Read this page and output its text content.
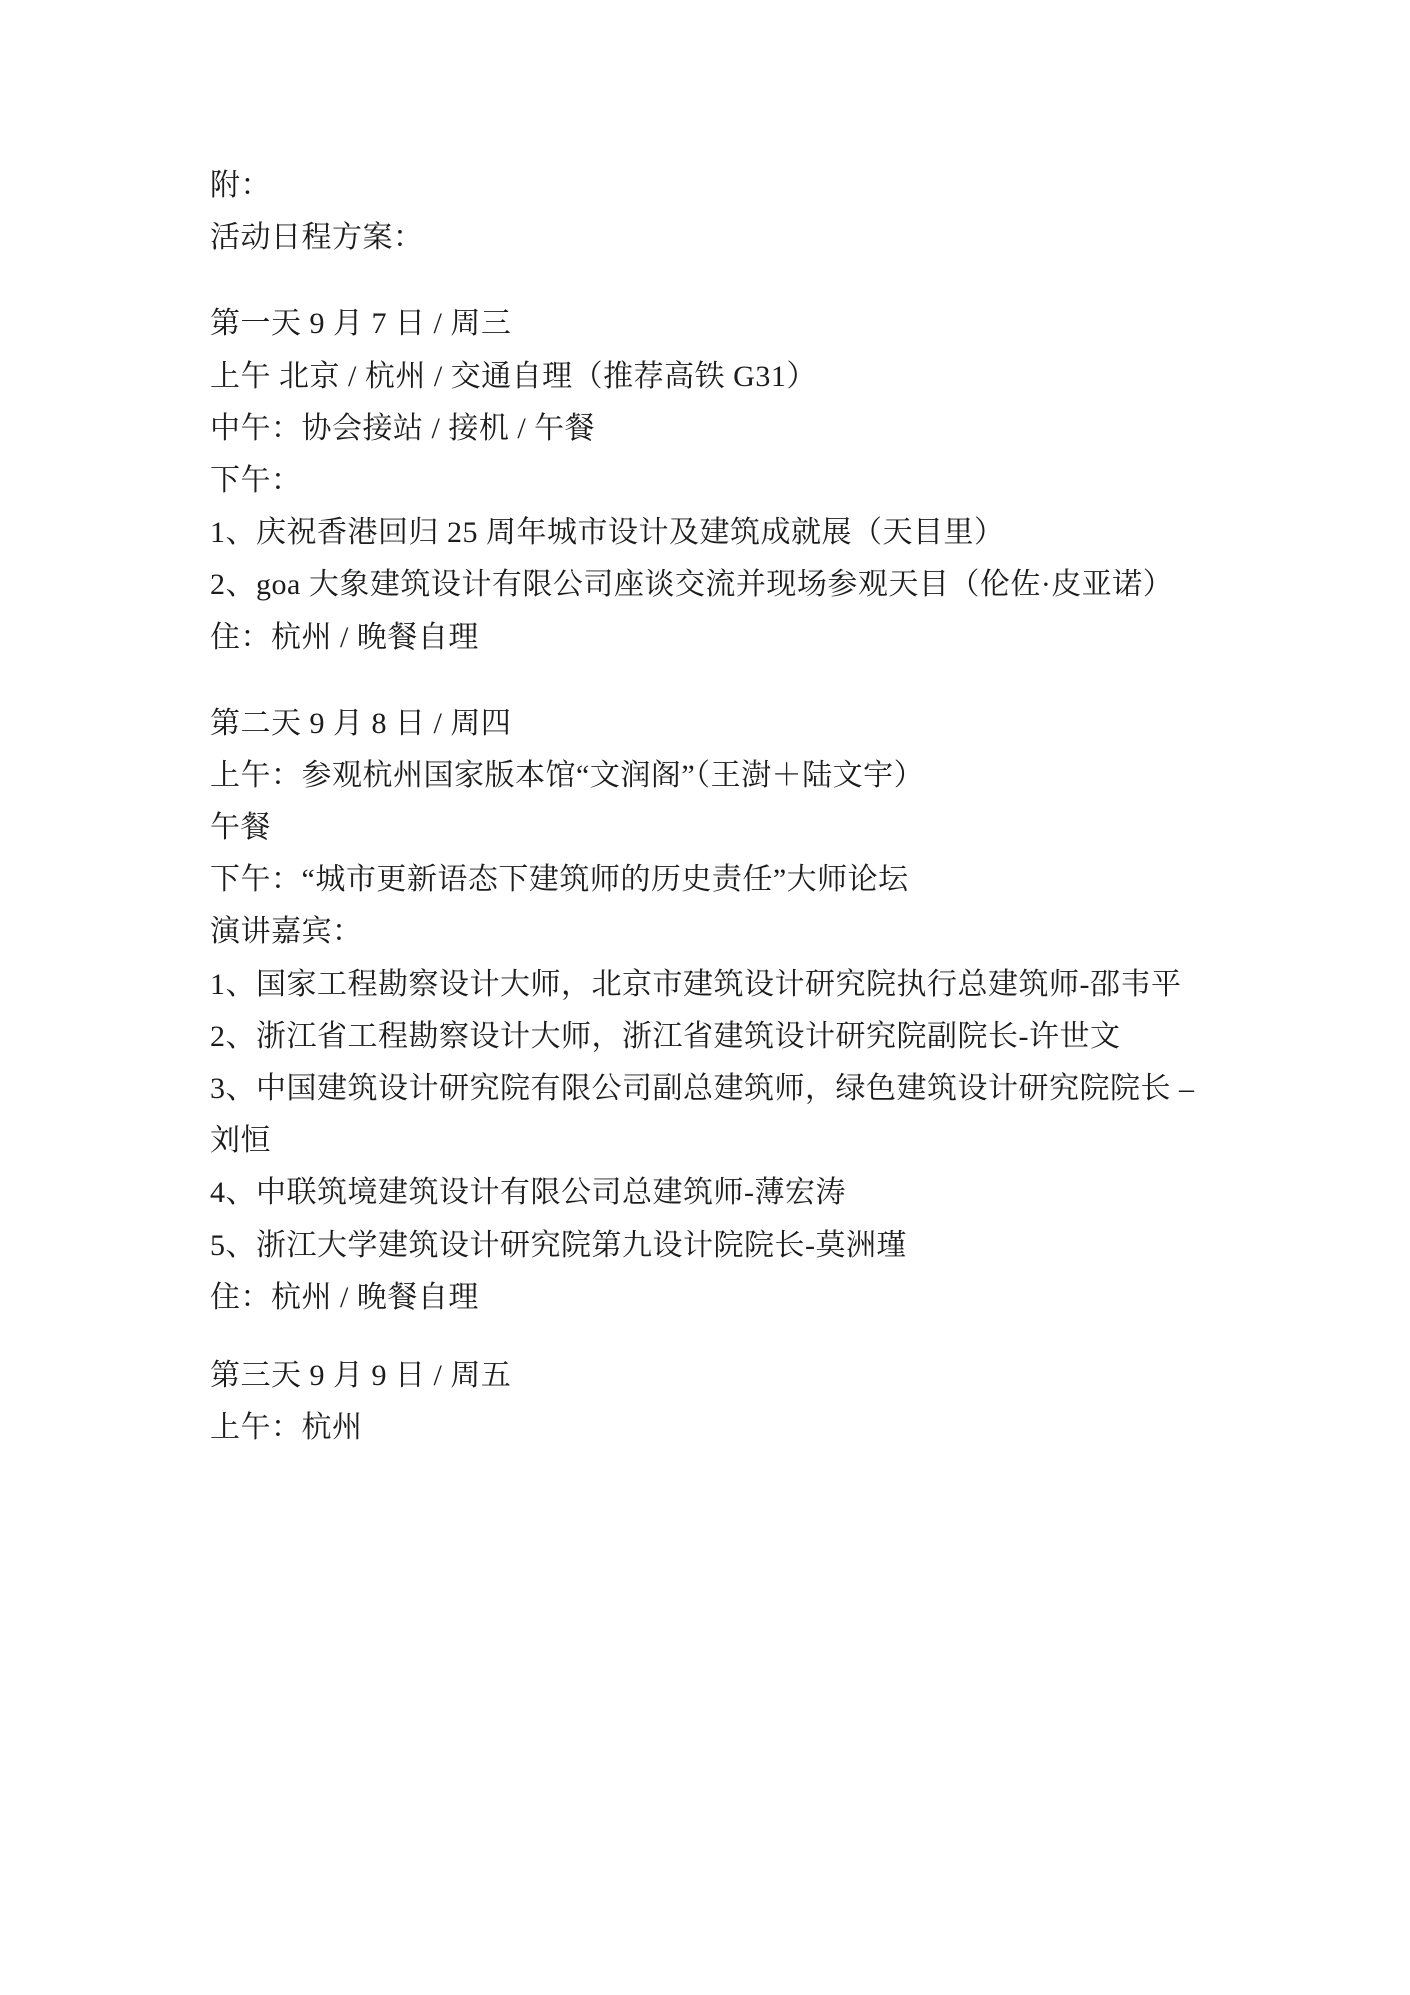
附：

活动日程方案：

第一天 9 月 7 日 / 周三

上午 北京 / 杭州 / 交通自理（推荐高铁 G31）

中午：协会接站 / 接机 / 午餐

下午：

1、庆祝香港回归 25 周年城市设计及建筑成就展（天目里）

2、goa 大象建筑设计有限公司座谈交流并现场参观天目（伦佐·皮亚诺）

住：杭州 / 晚餐自理

第二天 9 月 8 日 / 周四

上午：参观杭州国家版本馆“文润阁”（王澍＋陆文宇）

午餐

下午：“城市更新语态下建筑师的历史责任”大师论坛

演讲嘉宾：

1、国家工程勘察设计大师，北京市建筑设计研究院执行总建筑师-邵韦平

2、浙江省工程勘察设计大师，浙江省建筑设计研究院副院长-许世文

3、中国建筑设计研究院有限公司副总建筑师，绿色建筑设计研究院院长 – 刘恒

4、中联筑境建筑设计有限公司总建筑师-薄宏涛

5、浙江大学建筑设计研究院第九设计院院长-莫洲瑾

住：杭州 / 晚餐自理

第三天 9 月 9 日 / 周五

上午：杭州
